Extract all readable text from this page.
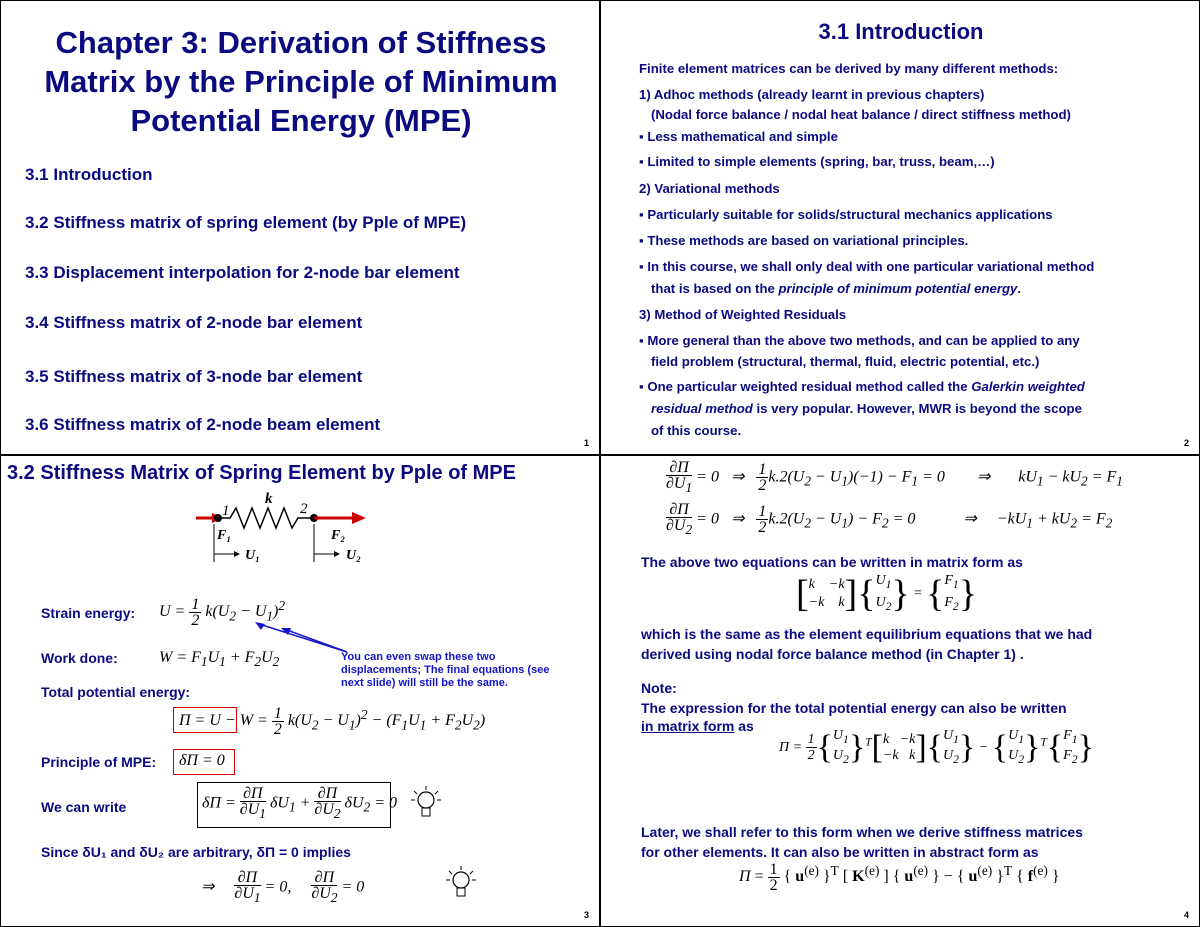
Chapter 3: Derivation of Stiffness Matrix by the Principle of Minimum Potential Energy (MPE)
3.1 Introduction
3.2 Stiffness matrix of spring element (by Pple of MPE)
3.3 Displacement interpolation for 2-node bar element
3.4 Stiffness matrix of 2-node bar element
3.5 Stiffness matrix of 3-node bar element
3.6 Stiffness matrix of 2-node beam element
1
3.1 Introduction
Finite element matrices can be derived by many different methods:
1) Adhoc methods (already learnt in previous chapters)
(Nodal force balance / nodal heat balance / direct stiffness method)
▪ Less mathematical and simple
▪ Limited to simple elements (spring, bar, truss, beam,…)
2) Variational methods
▪ Particularly suitable for solids/structural mechanics applications
▪ These methods are based on variational principles.
▪ In this course, we shall only deal with one particular variational method
that is based on the principle of minimum potential energy.
3) Method of Weighted Residuals
▪ More general than the above two methods, and can be applied to any
field problem (structural, thermal, fluid, electric potential, etc.)
▪ One particular weighted residual method called the Galerkin weighted
residual method is very popular. However, MWR is beyond the scope
of this course.
2
3.2 Stiffness Matrix of Spring Element by Pple of MPE
k
1	2
F₁	F₂
U₁	U₂
Strain energy: $U = \frac{1}{2} k(U_2 - U_1)^2$
Work done:	$W = F_1U_1 + F_2U_2$	You can even swap these two displacements; The final equations (see next slide) will still be the same.
Total potential energy:
$\Pi = U - W = \frac{1}{2} k(U_2 - U_1)^2 - (F_1U_1 + F_2U_2)$
Principle of MPE: δΠ = 0
We can write	$\delta\Pi = \frac{\partial\Pi}{\partial U_1} \delta U_1 + \frac{\partial\Pi}{\partial U_2} \delta U_2 = 0$
Since δU₁ and δU₂ are arbitrary, δΠ = 0 implies
⇒ $\frac{\partial\Pi}{\partial U_1} = 0$, $\frac{\partial\Pi}{\partial U_2} = 0$
3
$\frac{\partial\Pi}{\partial U_1} = 0$   ⇒ $\frac{1}{2} k.2(U_2 - U_1)(-1) - F_1 = 0$        ⇒       $kU_1 - kU_2 = F_1$
$\frac{\partial\Pi}{\partial U_2} = 0$   ⇒ $\frac{1}{2} k.2(U_2 - U_1) - F_2 = 0$            ⇒     $-kU_1 + kU_2 = F_2$
The above two equations can be written in matrix form as
[k    −k
−k    $k]\{U_1$
$U_2\} = \{F_1$
$F_2$}
which is the same as the element equilibrium equations that we had
derived using nodal force balance method (in Chapter 1) .
Note:
The expression for the total potential energy can also be written
in matrix form as
$\Pi = \frac{1}{2} \{U_1$
$U_2\}^T[k -k$
−k   $k]\{U_1$
$U_2\} - \{U_1$
$U_2\}^T\{F_1$
$F_2$}
Later, we shall refer to this form when we derive stiffness matrices
for other elements. It can also be written in abstract form as
$\Pi = \frac{1}{2}$ { $u^{(e)}$ }$^T$ [ $K^{(e)}$ ] { $u^{(e)}$ } − { $u^{(e)}$ }$^T$ { $f^{(e)}$ }
4
